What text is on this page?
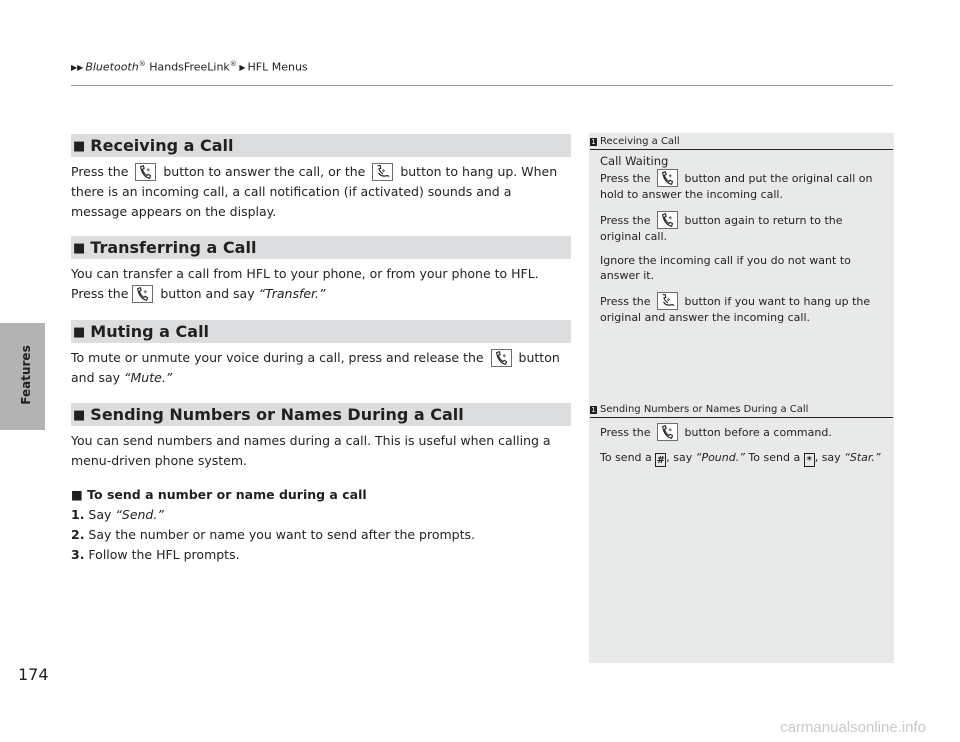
▶▶ Bluetooth® HandsFreeLink® ▶ HFL Menus
Features
174
■ Receiving a Call
Press the
button to answer the call, or the
button to hang up. When there is an incoming call, a call notification (if activated) sounds and a message appears on the display.
■ Transferring a Call
You can transfer a call from HFL to your phone, or from your phone to HFL. Press the
button and say “Transfer.”
■ Muting a Call
To mute or unmute your voice during a call, press and release the
button and say “Mute.”
■ Sending Numbers or Names During a Call
You can send numbers and names during a call. This is useful when calling a menu-driven phone system.
■ To send a number or name during a call
1. Say “Send.”
2. Say the number or name you want to send after the prompts.
3. Follow the HFL prompts.
1 Receiving a Call
Call Waiting

Press the
button and put the original call on hold to answer the incoming call.

Press the
button again to return to the original call.

Ignore the incoming call if you do not want to answer it.

Press the
button if you want to hang up the original and answer the incoming call.

1 Sending Numbers or Names During a Call

Press the
button before a command.

To send a #, say “Pound.” To send a * , say “Star.”

carmanualsonline.info
